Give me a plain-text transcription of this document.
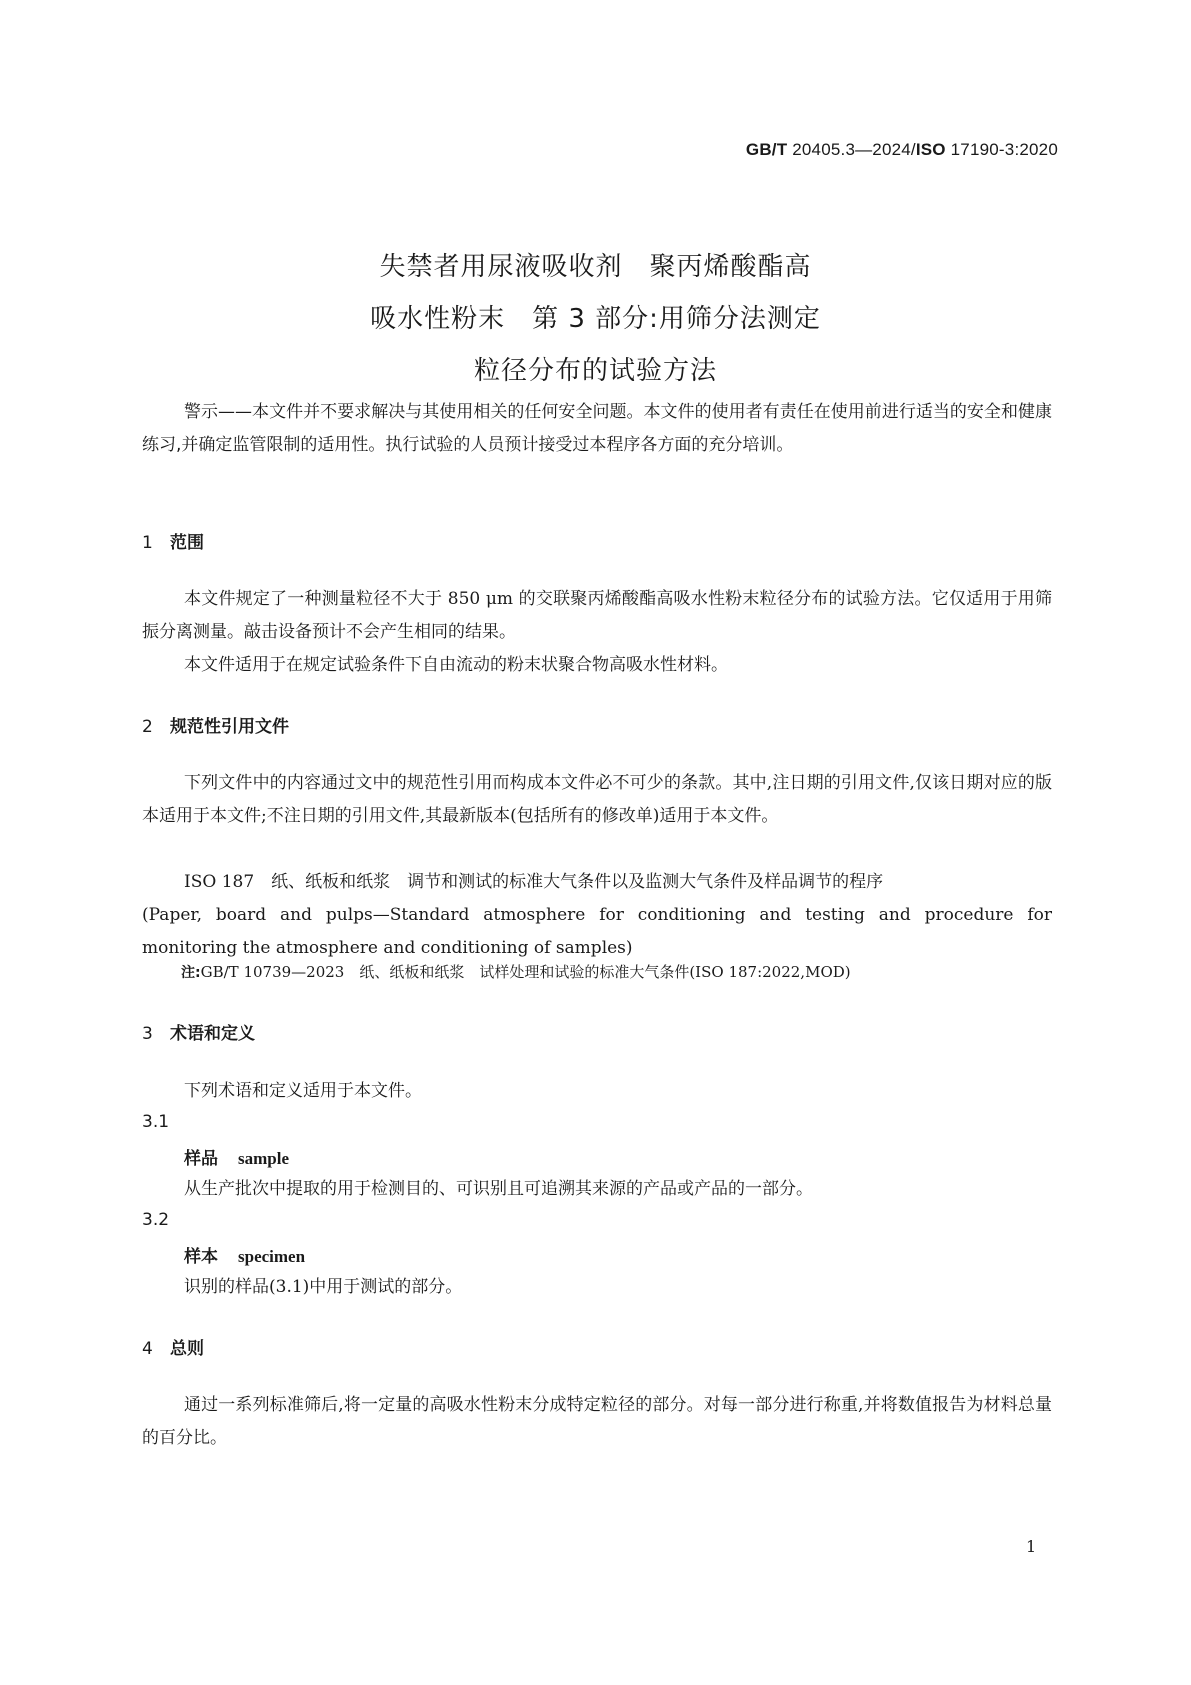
GB/T 20405.3—2024/ISO 17190-3:2020
失禁者用尿液吸收剂　聚丙烯酸酯高
吸水性粉末　第 3 部分:用筛分法测定
粒径分布的试验方法
警示——本文件并不要求解决与其使用相关的任何安全问题。本文件的使用者有责任在使用前进行适当的安全和健康练习,并确定监管限制的适用性。执行试验的人员预计接受过本程序各方面的充分培训。
1 范围
本文件规定了一种测量粒径不大于 850 μm 的交联聚丙烯酸酯高吸水性粉末粒径分布的试验方法。它仅适用于用筛振分离测量。敲击设备预计不会产生相同的结果。
本文件适用于在规定试验条件下自由流动的粉末状聚合物高吸水性材料。
2 规范性引用文件
下列文件中的内容通过文中的规范性引用而构成本文件必不可少的条款。其中,注日期的引用文件,仅该日期对应的版本适用于本文件;不注日期的引用文件,其最新版本(包括所有的修改单)适用于本文件。
ISO 187　纸、纸板和纸浆　调节和测试的标准大气条件以及监测大气条件及样品调节的程序
(Paper, board and pulps—Standard atmosphere for conditioning and testing and procedure for monitoring the atmosphere and conditioning of samples)
注:GB/T 10739—2023　纸、纸板和纸浆　试样处理和试验的标准大气条件(ISO 187:2022,MOD)
3 术语和定义
下列术语和定义适用于本文件。
3.1
样品 sample
从生产批次中提取的用于检测目的、可识别且可追溯其来源的产品或产品的一部分。
3.2
样本 specimen
识别的样品(3.1)中用于测试的部分。
4 总则
通过一系列标准筛后,将一定量的高吸水性粉末分成特定粒径的部分。对每一部分进行称重,并将数值报告为材料总量的百分比。
1
